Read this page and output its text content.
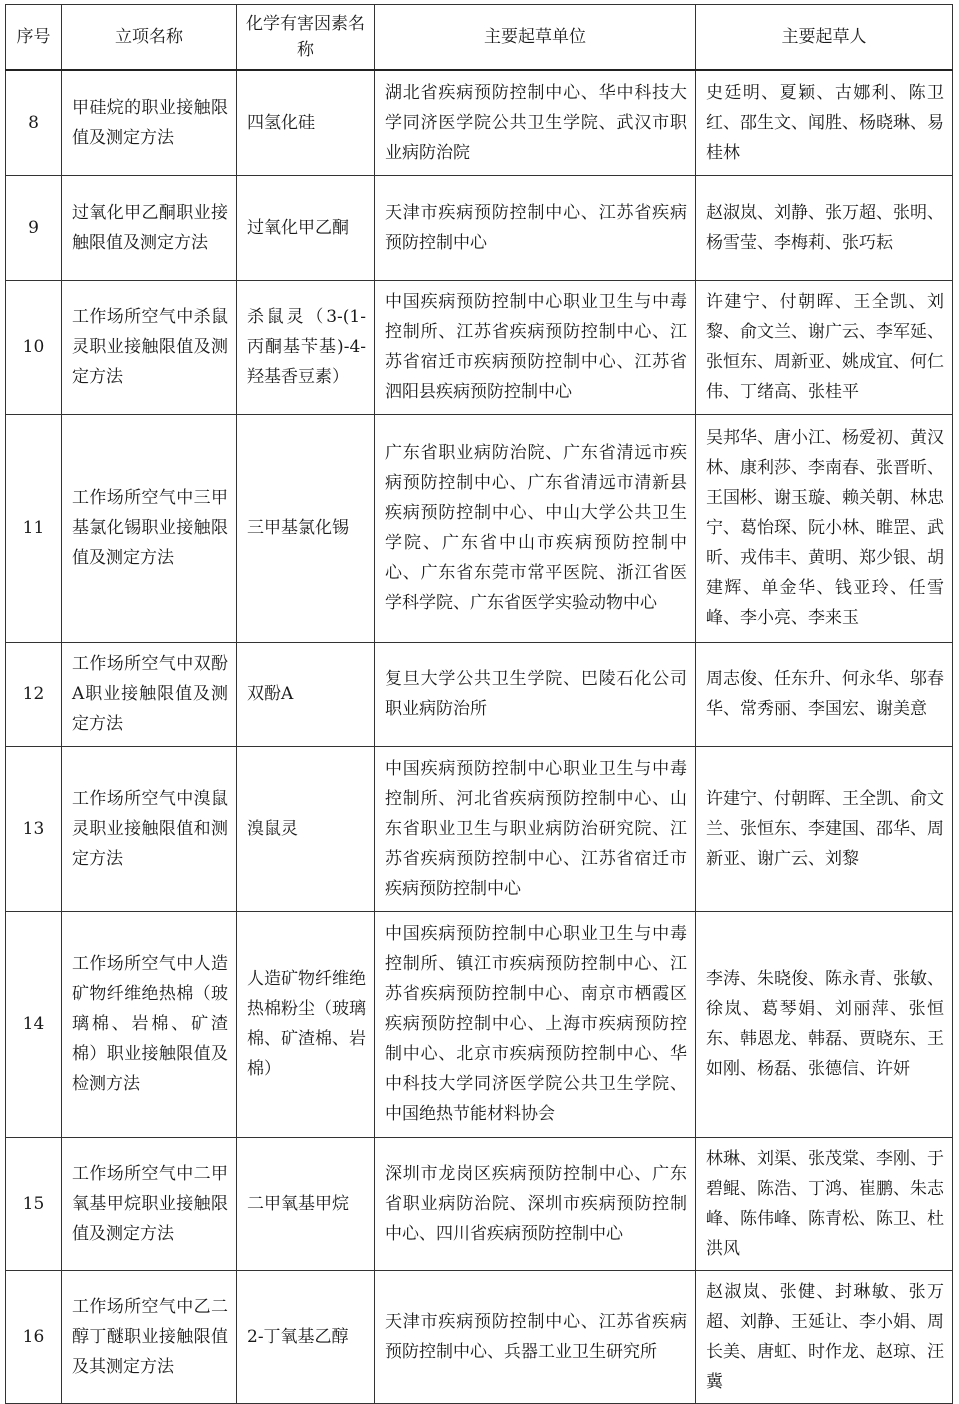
序号	立项名称	化学有害因素名称	主要起草单位	主要起草人
8	甲硅烷的职业接触限值及测定方法	四氢化硅	湖北省疾病预防控制中心、华中科技大学同济医学院公共卫生学院、武汉市职业病防治院	史廷明、夏颖、古娜利、陈卫红、邵生文、闻胜、杨晓琳、易桂林
9	过氧化甲乙酮职业接触限值及测定方法	过氧化甲乙酮	天津市疾病预防控制中心、江苏省疾病预防控制中心	赵淑岚、刘静、张万超、张明、杨雪莹、李梅莉、张巧耘
10	工作场所空气中杀鼠灵职业接触限值及测定方法	杀鼠灵（3-(1-丙酮基苄基)-4-羟基香豆素）	中国疾病预防控制中心职业卫生与中毒控制所、江苏省疾病预防控制中心、江苏省宿迁市疾病预防控制中心、江苏省泗阳县疾病预防控制中心	许建宁、付朝晖、王全凯、刘黎、俞文兰、谢广云、李军延、张恒东、周新亚、姚成宜、何仁伟、丁绪高、张桂平
11	工作场所空气中三甲基氯化锡职业接触限值及测定方法	三甲基氯化锡	广东省职业病防治院、广东省清远市疾病预防控制中心、广东省清远市清新县疾病预防控制中心、中山大学公共卫生学院、广东省中山市疾病预防控制中心、广东省东莞市常平医院、浙江省医学科学院、广东省医学实验动物中心	吴邦华、唐小江、杨爱初、黄汉林、康利莎、李南春、张晋昕、王国彬、谢玉璇、赖关朝、林忠宁、葛怡琛、阮小林、睢罡、武昕、戎伟丰、黄明、郑少银、胡建辉、单金华、钱亚玲、任雪峰、李小亮、李来玉
12	工作场所空气中双酚A职业接触限值及测定方法	双酚A	复旦大学公共卫生学院、巴陵石化公司职业病防治所	周志俊、任东升、何永华、邬春华、常秀丽、李国宏、谢美意
13	工作场所空气中溴鼠灵职业接触限值和测定方法	溴鼠灵	中国疾病预防控制中心职业卫生与中毒控制所、河北省疾病预防控制中心、山东省职业卫生与职业病防治研究院、江苏省疾病预防控制中心、江苏省宿迁市疾病预防控制中心	许建宁、付朝晖、王全凯、俞文兰、张恒东、李建国、邵华、周新亚、谢广云、刘黎
14	工作场所空气中人造矿物纤维绝热棉（玻璃棉、岩棉、矿渣棉）职业接触限值及检测方法	人造矿物纤维绝热棉粉尘（玻璃棉、矿渣棉、岩棉）	中国疾病预防控制中心职业卫生与中毒控制所、镇江市疾病预防控制中心、江苏省疾病预防控制中心、南京市栖霞区疾病预防控制中心、上海市疾病预防控制中心、北京市疾病预防控制中心、华中科技大学同济医学院公共卫生学院、中国绝热节能材料协会	李涛、朱晓俊、陈永青、张敏、徐岚、葛琴娟、刘丽萍、张恒东、韩恩龙、韩磊、贾晓东、王如刚、杨磊、张德信、许妍
15	工作场所空气中二甲氧基甲烷职业接触限值及测定方法	二甲氧基甲烷	深圳市龙岗区疾病预防控制中心、广东省职业病防治院、深圳市疾病预防控制中心、四川省疾病预防控制中心	林琳、刘渠、张茂棠、李刚、于碧鲲、陈浩、丁鸿、崔鹏、朱志峰、陈伟峰、陈青松、陈卫、杜洪风
16	工作场所空气中乙二醇丁醚职业接触限值及其测定方法	2-丁氧基乙醇	天津市疾病预防控制中心、江苏省疾病预防控制中心、兵器工业卫生研究所	赵淑岚、张健、封琳敏、张万超、刘静、王延让、李小娟、周长美、唐虹、时作龙、赵琼、汪冀
